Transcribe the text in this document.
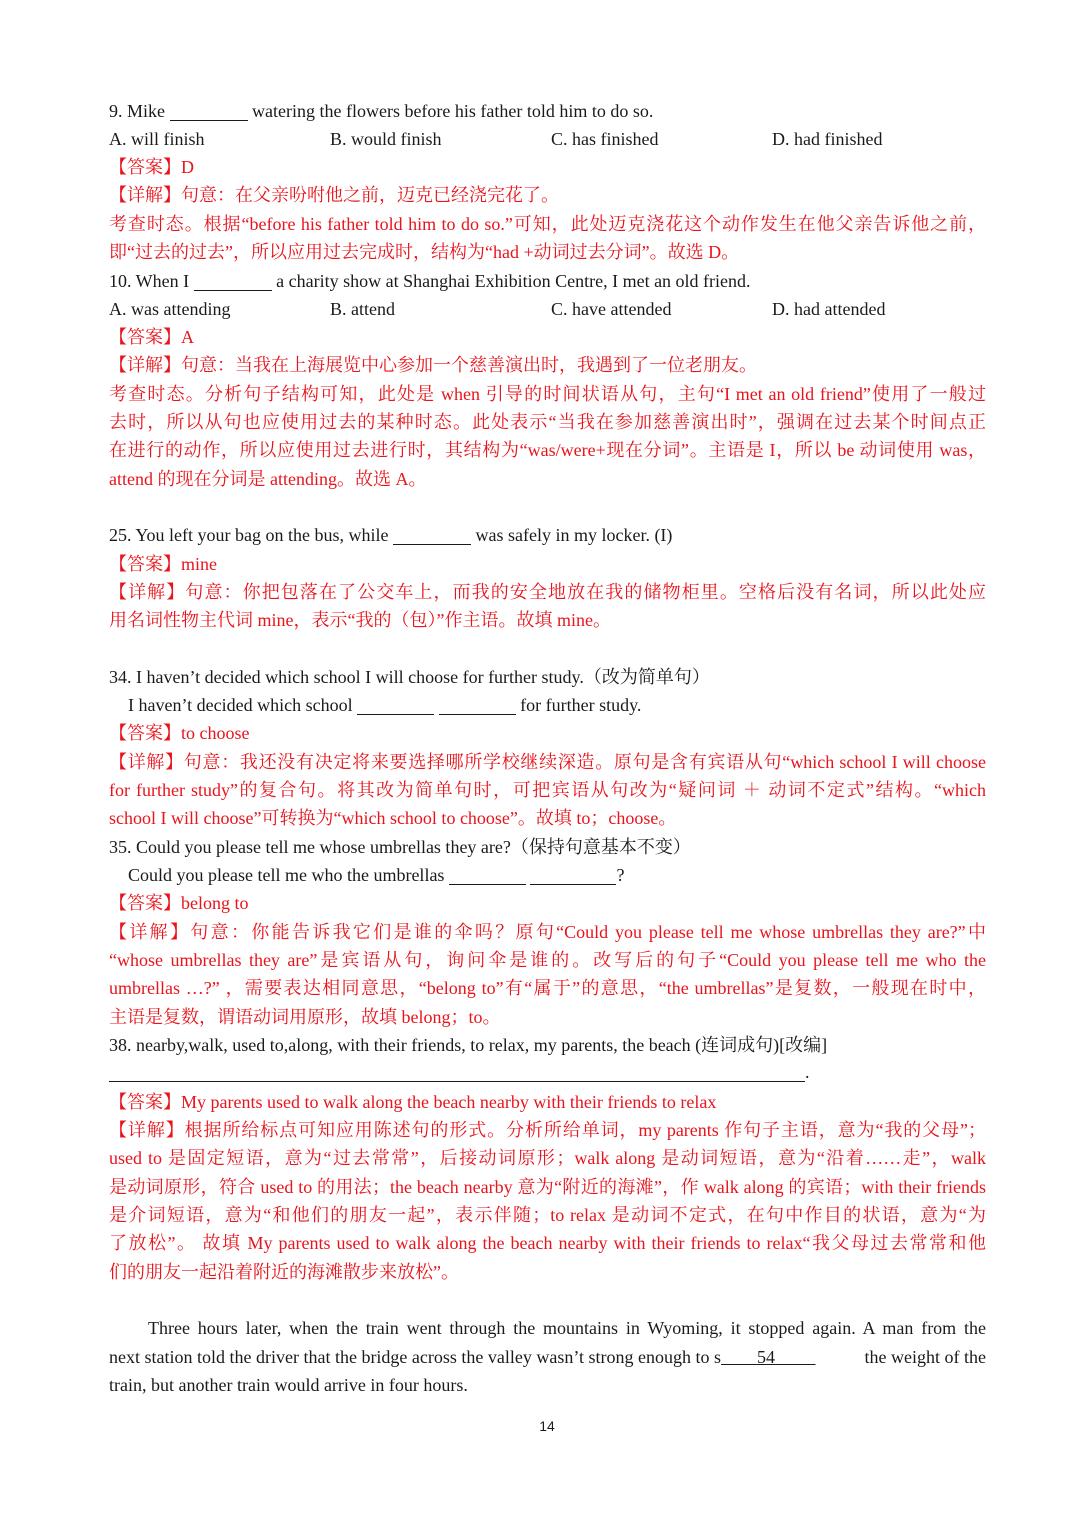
9. Mike	watering the flowers before his father told him to do so.
A. will finish	B. would finish	C. has finished	D. had finished
【答案】D
【详解】句意：在父亲吩咐他之前，迈克已经浇完花了。
考查时态。根据“before his father told him to do so.”可知，此处迈克浇花这个动作发生在他父亲告诉他之前，
即“过去的过去”，所以应用过去完成时，结构为“had +动词过去分词”。故选 D。
10. When I	a charity show at Shanghai Exhibition Centre, I met an old friend.
A. was attending	B. attend	C. have attended	D. had attended
【答案】A
【详解】句意：当我在上海展览中心参加一个慈善演出时，我遇到了一位老朋友。
考查时态。分析句子结构可知，此处是 when 引导的时间状语从句，主句“I met an old friend”使用了一般过
去时，所以从句也应使用过去的某种时态。此处表示“当我在参加慈善演出时”，强调在过去某个时间点正
在进行的动作，所以应使用过去进行时，其结构为“was/were+现在分词”。主语是 I，所以 be 动词使用 was，
attend 的现在分词是 attending。故选 A。
25. You left your bag on the bus, while	was safely in my locker. (I)
【答案】mine
【详解】句意：你把包落在了公交车上，而我的安全地放在我的储物柜里。空格后没有名词，所以此处应
用名词性物主代词 mine，表示“我的（包）”作主语。故填 mine。
34. I haven’t decided which school I will choose for further study.（改为简单句）
I haven’t decided which school	for further study.
【答案】to choose
【详解】句意：我还没有决定将来要选择哪所学校继续深造。原句是含有宾语从句“which school I will choose
for further study”的复合句。将其改为简单句时，可把宾语从句改为“疑问词 ＋ 动词不定式”结构。“which
school I will choose”可转换为“which school to choose”。故填 to；choose。
35. Could you please tell me whose umbrellas they are?（保持句意基本不变）
Could you please tell me who the umbrellas	?
【答案】belong to
【详解】句意：你能告诉我它们是谁的伞吗？原句“Could you please tell me whose umbrellas they are?”中
“whose umbrellas they are”是宾语从句，询问伞是谁的。改写后的句子“Could you please tell me who the
umbrellas …?” ，需要表达相同意思，“belong to”有“属于”的意思，“the umbrellas”是复数，一般现在时中，
主语是复数，谓语动词用原形，故填 belong；to。
38. nearby,walk, used to,along, with their friends, to relax, my parents, the beach (连词成句)[改编]
.
【答案】My parents used to walk along the beach nearby with their friends to relax
【详解】根据所给标点可知应用陈述句的形式。分析所给单词，my parents 作句子主语，意为“我的父母”；
used to 是固定短语，意为“过去常常”，后接动词原形；walk along 是动词短语，意为“沿着……走”，walk
是动词原形，符合 used to 的用法；the beach nearby 意为“附近的海滩”，作 walk along 的宾语；with their friends
是介词短语，意为“和他们的朋友一起”，表示伴随；to relax 是动词不定式，在句中作目的状语，意为“为
了放松”。 故填 My parents used to walk along the beach nearby with their friends to relax“我父母过去常常和他
们的朋友一起沿着附近的海滩散步来放松”。
Three hours later, when the train went through the mountains in Wyoming, it stopped again. A man from the
next station told the driver that the bridge across the valley wasn’t strong enough to s 54	the weight of the
train, but another train would arrive in four hours.
14
